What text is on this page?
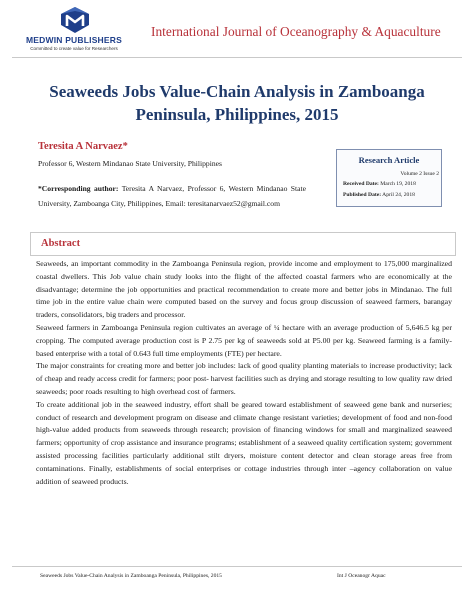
MEDWIN PUBLISHERS
Committed to create value for Researchers
International Journal of Oceanography & Aquaculture
Seaweeds Jobs Value-Chain Analysis in Zamboanga Peninsula, Philippines, 2015
Teresita A Narvaez*
Professor 6, Western Mindanao State University, Philippines
*Corresponding author: Teresita A Narvaez, Professor 6, Western Mindanao State University, Zamboanga City, Philippines, Email: teresitanarvaez52@gmail.com
Research Article
Volume 2 Issue 2
Received Date: March 19, 2018
Published Date: April 24, 2018
Abstract

Seaweeds, an important commodity in the Zamboanga Peninsula region, provide income and employment to 175,000 marginalized coastal dwellers. This Job value chain study looks into the flight of the affected coastal farmers who are economically at the disadvantage; determine the job opportunities and practical recommendation to create more and better jobs in Mindanao. The full time job in the entire value chain were computed based on the survey and focus group discussion of seaweed farmers, barangay traders, consolidators, big traders and processor.

Seaweed farmers in Zamboanga Peninsula region cultivates an average of ¼ hectare with an average production of 5,646.5 kg per cropping. The computed average production cost is P 2.75 per kg of seaweeds sold at P5.00 per kg. Seaweed farming is a family-based enterprise with a total of 0.643 full time employments (FTE) per hectare.

The major constraints for creating more and better job includes: lack of good quality planting materials to increase productivity; lack of cheap and ready access credit for farmers; poor post- harvest facilities such as drying and storage resulting to low quality raw dried seaweeds; poor roads resulting to high overhead cost of farmers.

To create additional job in the seaweed industry, effort shall be geared toward establishment of seaweed gene bank and nurseries; conduct of research and development program on disease and climate change resistant varieties; development of food and non-food high-value added products from seaweeds through research; provision of financing windows for small and marginalized seaweed farmers; opportunity of crop assistance and insurance programs; establishment of a seaweed quality certification system; government assisted processing facilities particularly additional stilt dryers, moisture content detector and clean storage areas free from contaminations. Finally, establishments of social enterprises or cottage industries through inter –agency collaboration on value addition of seaweed products.

Seaweeds Jobs Value-Chain Analysis in Zamboanga Peninsula, Philippines, 2015	Int J Oceanogr Aquac
